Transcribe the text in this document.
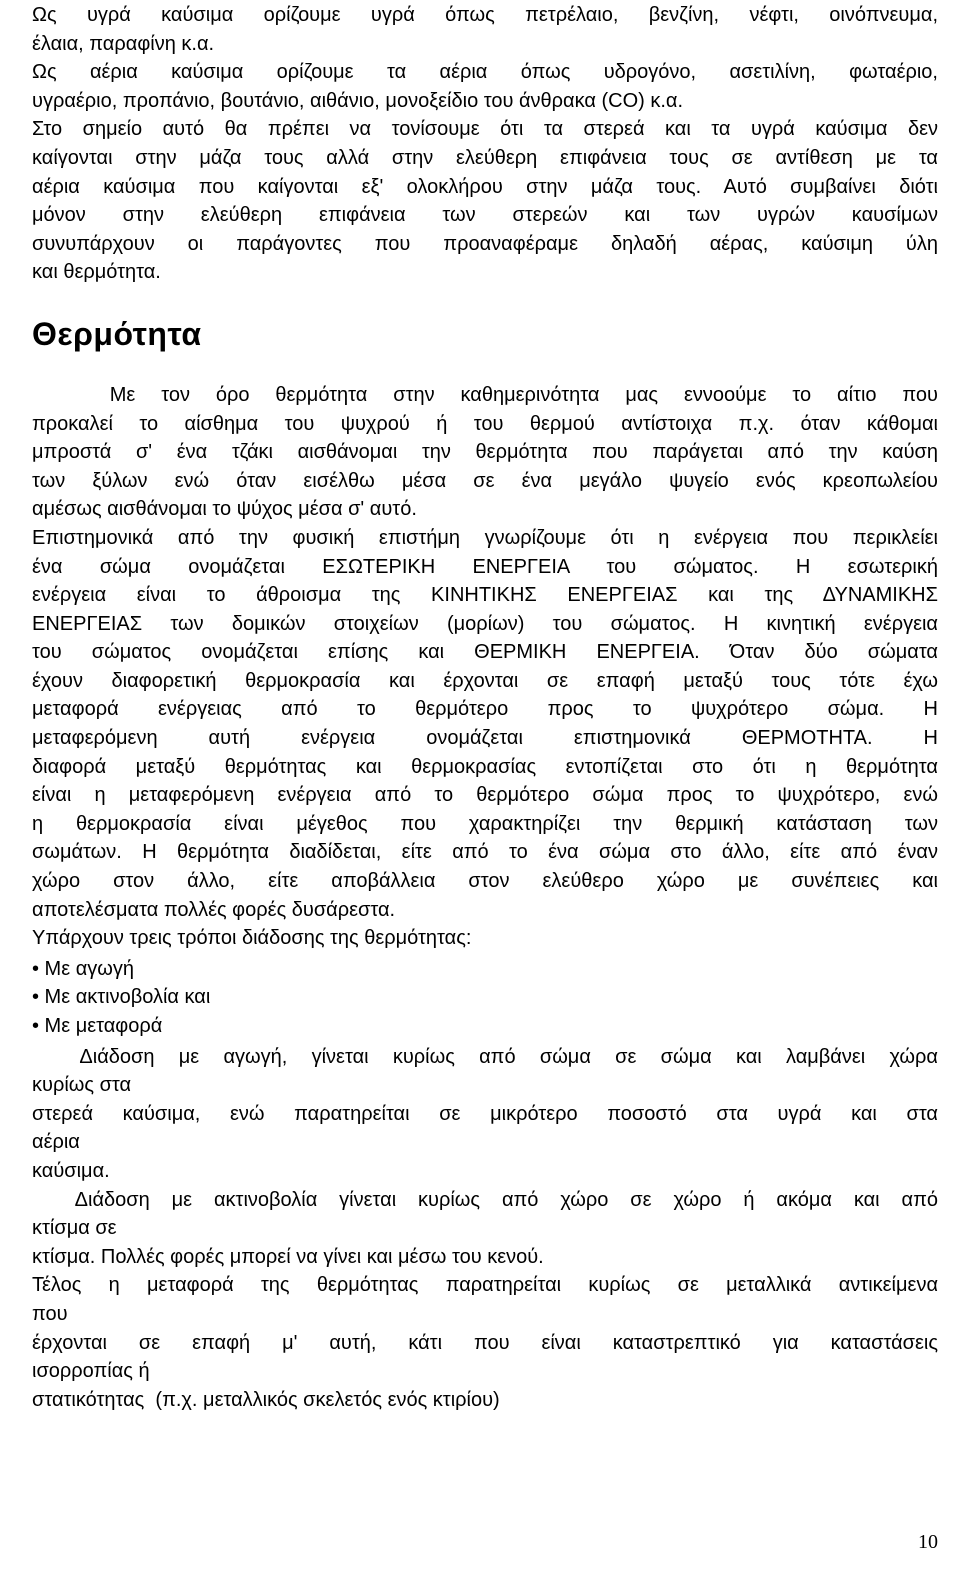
Ως υγρά καύσιμα ορίζουμε υγρά όπως πετρέλαιο, βενζίνη, νέφτι, οινόπνευμα,
έλαια, παραφίνη κ.α.
Ως αέρια καύσιμα ορίζουμε τα αέρια όπως υδρογόνο, ασετιλίνη, φωταέριο,
υγραέριο, προπάνιο, βουτάνιο, αιθάνιο, μονοξείδιο του άνθρακα (CO) κ.α.
Στο σημείο αυτό θα πρέπει να τονίσουμε ότι τα στερεά και τα υγρά καύσιμα δεν
καίγονται στην μάζα τους αλλά στην ελεύθερη επιφάνεια τους σε αντίθεση με τα
αέρια καύσιμα που καίγονται εξ' ολοκλήρου στην μάζα τους. Αυτό συμβαίνει διότι
μόνον στην ελεύθερη επιφάνεια των στερεών και των υγρών καυσίμων
συνυπάρχουν οι παράγοντες που προαναφέραμε δηλαδή αέρας, καύσιμη ύλη
και θερμότητα.
Θερμότητα
Με τον όρο θερμότητα στην καθημερινότητα μας εννοούμε το αίτιο που
προκαλεί το αίσθημα του ψυχρού ή του θερμού αντίστοιχα π.χ. όταν κάθομαι
μπροστά σ' ένα τζάκι αισθάνομαι την θερμότητα που παράγεται από την καύση
των ξύλων ενώ όταν εισέλθω μέσα σε ένα μεγάλο ψυγείο ενός κρεοπωλείου
αμέσως αισθάνομαι το ψύχος μέσα σ' αυτό.
Επιστημονικά από την φυσική επιστήμη γνωρίζουμε ότι η ενέργεια που περικλείει
ένα σώμα ονομάζεται ΕΣΩΤΕΡΙΚΗ ΕΝΕΡΓΕΙΑ του σώματος. Η εσωτερική
ενέργεια είναι το άθροισμα της ΚΙΝΗΤΙΚΗΣ ΕΝΕΡΓΕΙΑΣ και της ΔΥΝΑΜΙΚΗΣ
ΕΝΕΡΓΕΙΑΣ των δομικών στοιχείων (μορίων) του σώματος. Η κινητική ενέργεια
του σώματος ονομάζεται επίσης και ΘΕΡΜΙΚΗ ΕΝΕΡΓΕΙΑ. Όταν δύο σώματα
έχουν διαφορετική θερμοκρασία και έρχονται σε επαφή μεταξύ τους τότε έχω
μεταφορά ενέργειας από το θερμότερο προς το ψυχρότερο σώμα. Η
μεταφερόμενη αυτή ενέργεια ονομάζεται επιστημονικά ΘΕΡΜΟΤΗΤΑ. Η
διαφορά μεταξύ θερμότητας και θερμοκρασίας εντοπίζεται στο ότι η θερμότητα
είναι η μεταφερόμενη ενέργεια από το θερμότερο σώμα προς το ψυχρότερο, ενώ
η θερμοκρασία είναι μέγεθος που χαρακτηρίζει την θερμική κατάσταση των
σωμάτων. Η θερμότητα διαδίδεται, είτε από το ένα σώμα στο άλλο, είτε από έναν
χώρο στον άλλο, είτε αποβάλλεια στον ελεύθερο χώρο με συνέπειες και
αποτελέσματα πολλές φορές δυσάρεστα.
Υπάρχουν τρεις τρόποι διάδοσης της θερμότητας:
• Με αγωγή
• Με ακτινοβολία και
• Με μεταφορά
Διάδοση με αγωγή, γίνεται κυρίως από σώμα σε σώμα και λαμβάνει χώρα
κυρίως στα
στερεά καύσιμα, ενώ παρατηρείται σε μικρότερο ποσοστό στα υγρά και στα
αέρια
καύσιμα.
Διάδοση με ακτινοβολία γίνεται κυρίως από χώρο σε χώρο ή ακόμα και από
κτίσμα σε
κτίσμα. Πολλές φορές μπορεί να γίνει και μέσω του κενού.
Τέλος η μεταφορά της θερμότητας παρατηρείται κυρίως σε μεταλλικά αντικείμενα
που
έρχονται σε επαφή μ' αυτή, κάτι που είναι καταστρεπτικό για καταστάσεις
ισορροπίας ή
στατικότητας  (π.χ. μεταλλικός σκελετός ενός κτιρίου)
10
